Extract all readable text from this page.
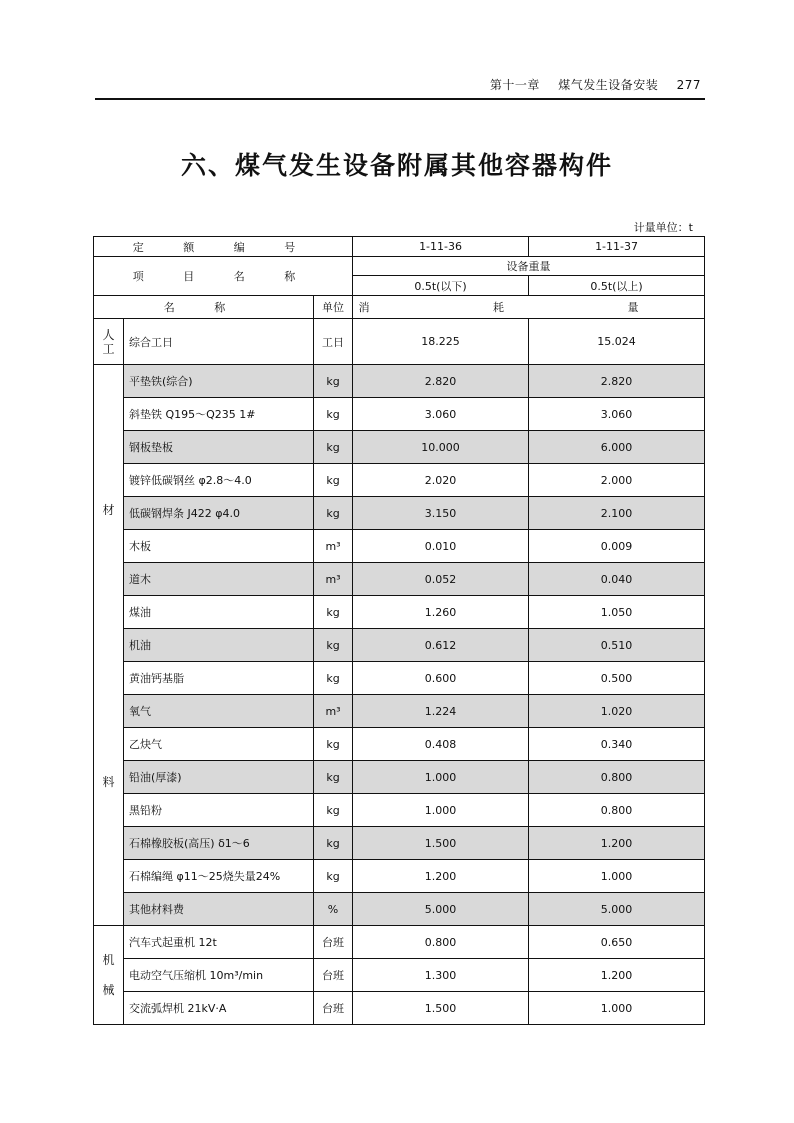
第十一章 煤气发生设备安装 277
六、煤气发生设备附属其他容器构件
计量单位：t
定 额 编 号			1-11-36	1-11-37
项 目 名 称			设备重量	
			0.5t(以下)	0.5t(以上)
名 称		单位	消 耗 量	

人
工	综合工日	工日	18.225	15.024

材
料	平垫铁(综合)	kg	2.820	2.820
	斜垫铁 Q195～Q235 1#	kg	3.060	3.060
	钢板垫板	kg	10.000	6.000
	镀锌低碳钢丝 φ2.8～4.0	kg	2.020	2.000
	低碳钢焊条 J422 φ4.0	kg	3.150	2.100
	木板	m³	0.010	0.009
	道木	m³	0.052	0.040
	煤油	kg	1.260	1.050
	机油	kg	0.612	0.510
	黄油钙基脂	kg	0.600	0.500
	氧气	m³	1.224	1.020
	乙炔气	kg	0.408	0.340
	铅油(厚漆)	kg	1.000	0.800
	黑铅粉	kg	1.000	0.800
	石棉橡胶板(高压) δ1～6	kg	1.500	1.200
	石棉编绳 φ11～25烧失量24%	kg	1.200	1.000
	其他材料费	%	5.000	5.000

机
械	汽车式起重机 12t	台班	0.800	0.650
	电动空气压缩机 10m³/min	台班	1.300	1.200
	交流弧焊机 21kV·A	台班	1.500	1.000
